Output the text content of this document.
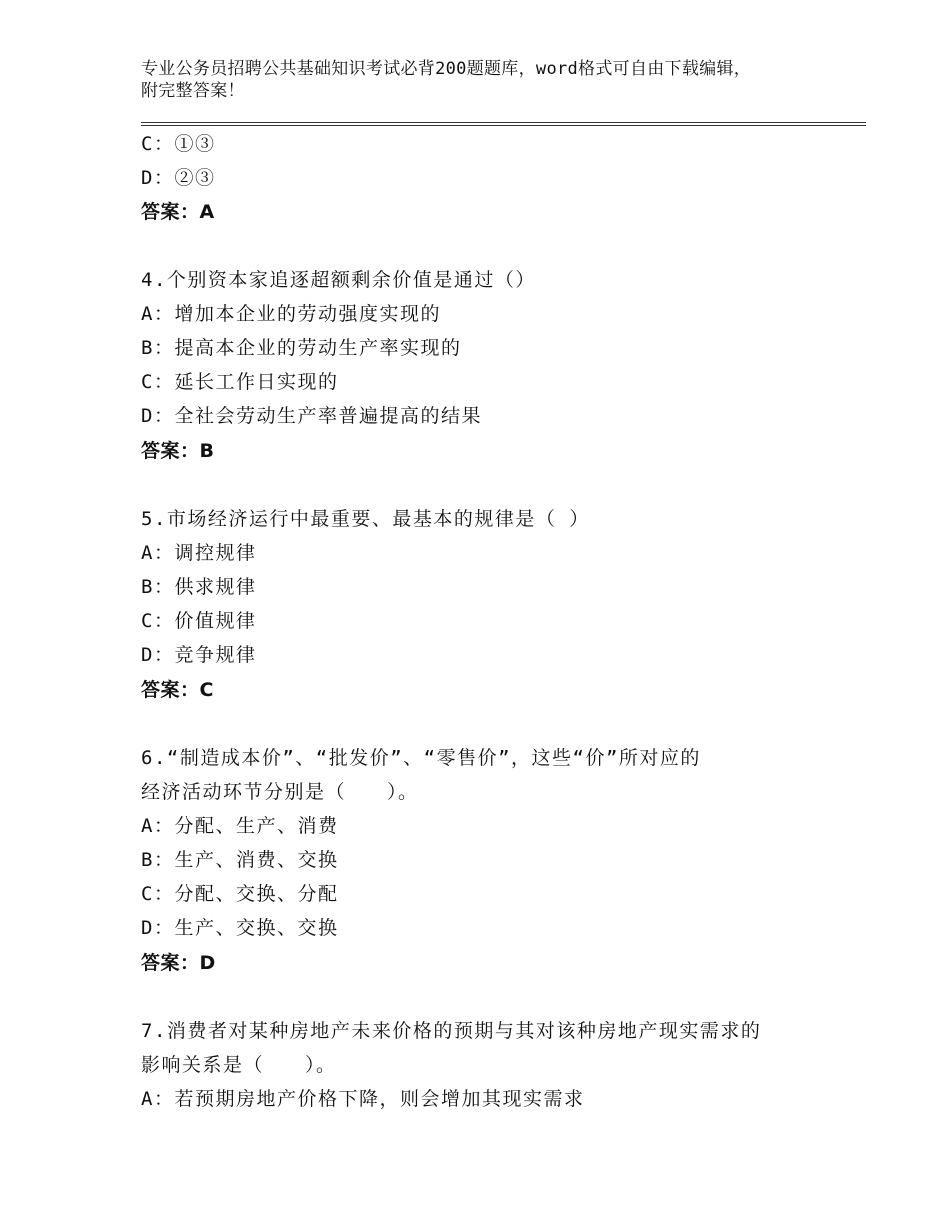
专业公务员招聘公共基础知识考试必背200题题库，word格式可自由下载编辑，
附完整答案！
C：①③
D：②③
答案：A
4.个别资本家追逐超额剩余价值是通过（）
A：增加本企业的劳动强度实现的
B：提高本企业的劳动生产率实现的
C：延长工作日实现的
D：全社会劳动生产率普遍提高的结果
答案：B
5.市场经济运行中最重要、最基本的规律是（ ）
A：调控规律
B：供求规律
C：价值规律
D：竞争规律
答案：C
6.“制造成本价”、“批发价”、“零售价”，这些“价”所对应的
经济活动环节分别是（　　）。
A：分配、生产、消费
B：生产、消费、交换
C：分配、交换、分配
D：生产、交换、交换
答案：D
7.消费者对某种房地产未来价格的预期与其对该种房地产现实需求的
影响关系是（　　）。
A：若预期房地产价格下降，则会增加其现实需求
